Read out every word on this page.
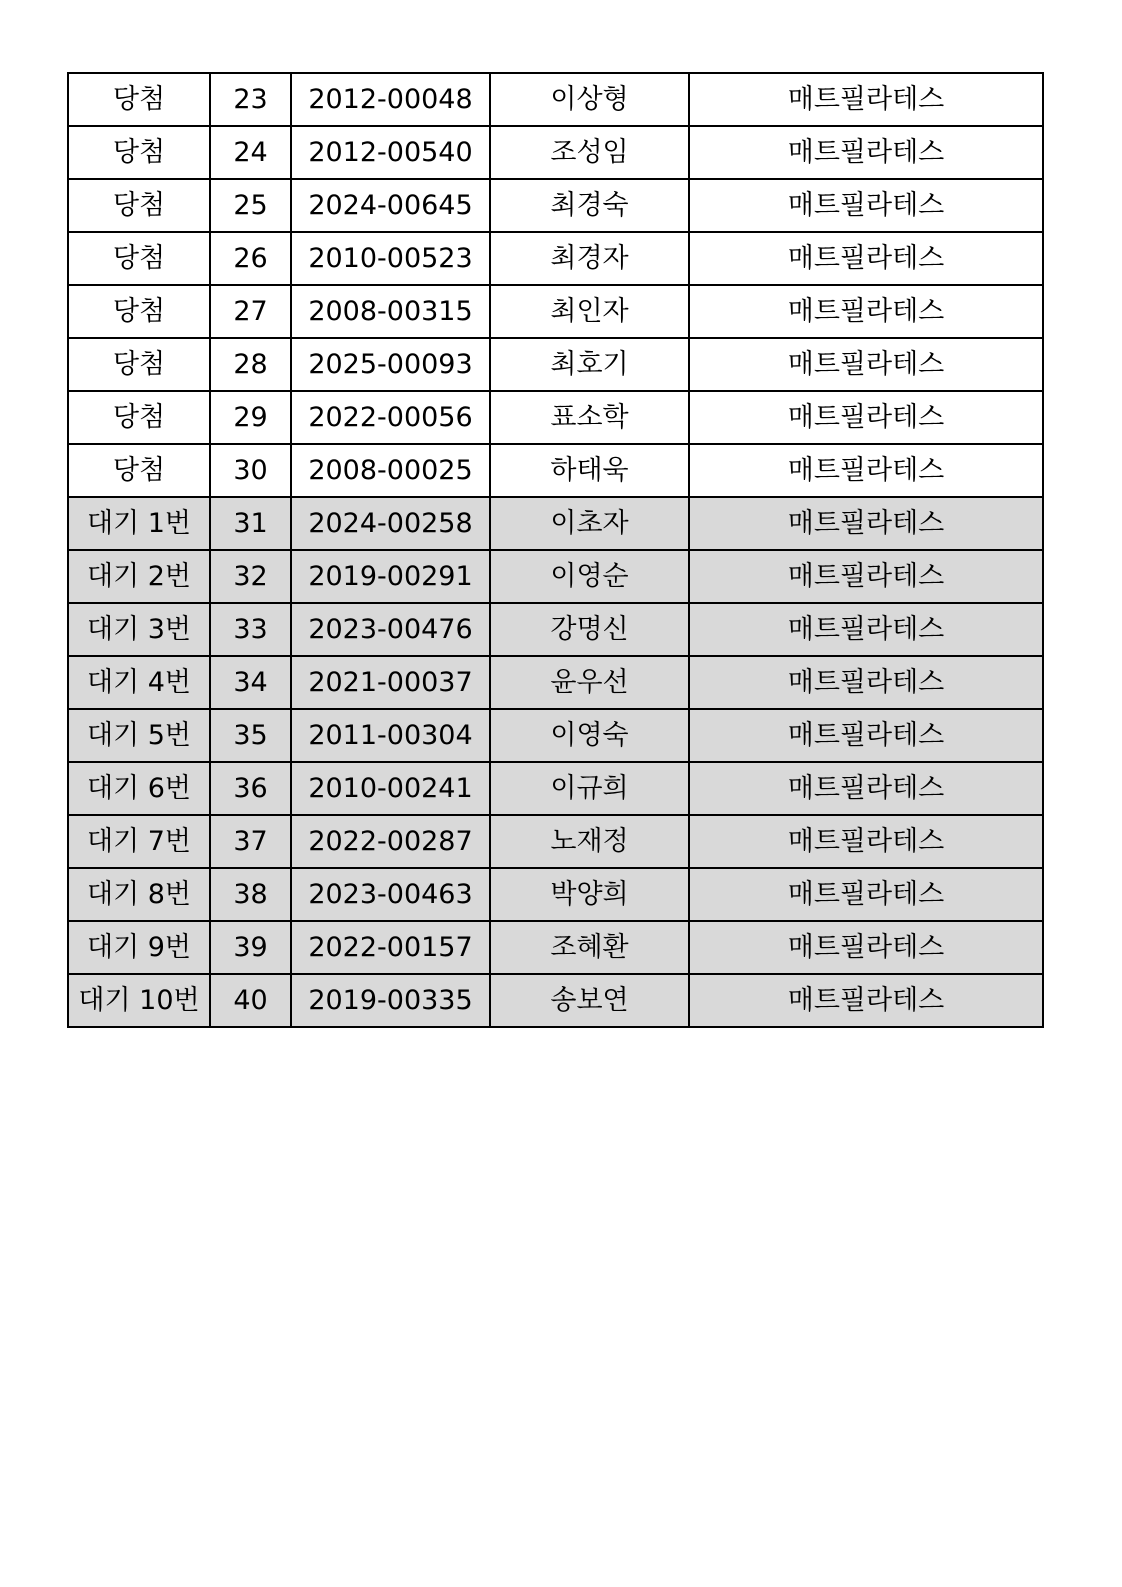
당첨	23	2012-00048	이상형	매트필라테스
당첨	24	2012-00540	조성임	매트필라테스
당첨	25	2024-00645	최경숙	매트필라테스
당첨	26	2010-00523	최경자	매트필라테스
당첨	27	2008-00315	최인자	매트필라테스
당첨	28	2025-00093	최호기	매트필라테스
당첨	29	2022-00056	표소학	매트필라테스
당첨	30	2008-00025	하태욱	매트필라테스
대기 1번	31	2024-00258	이초자	매트필라테스
대기 2번	32	2019-00291	이영순	매트필라테스
대기 3번	33	2023-00476	강명신	매트필라테스
대기 4번	34	2021-00037	윤우선	매트필라테스
대기 5번	35	2011-00304	이영숙	매트필라테스
대기 6번	36	2010-00241	이규희	매트필라테스
대기 7번	37	2022-00287	노재정	매트필라테스
대기 8번	38	2023-00463	박양희	매트필라테스
대기 9번	39	2022-00157	조혜환	매트필라테스
대기 10번	40	2019-00335	송보연	매트필라테스
